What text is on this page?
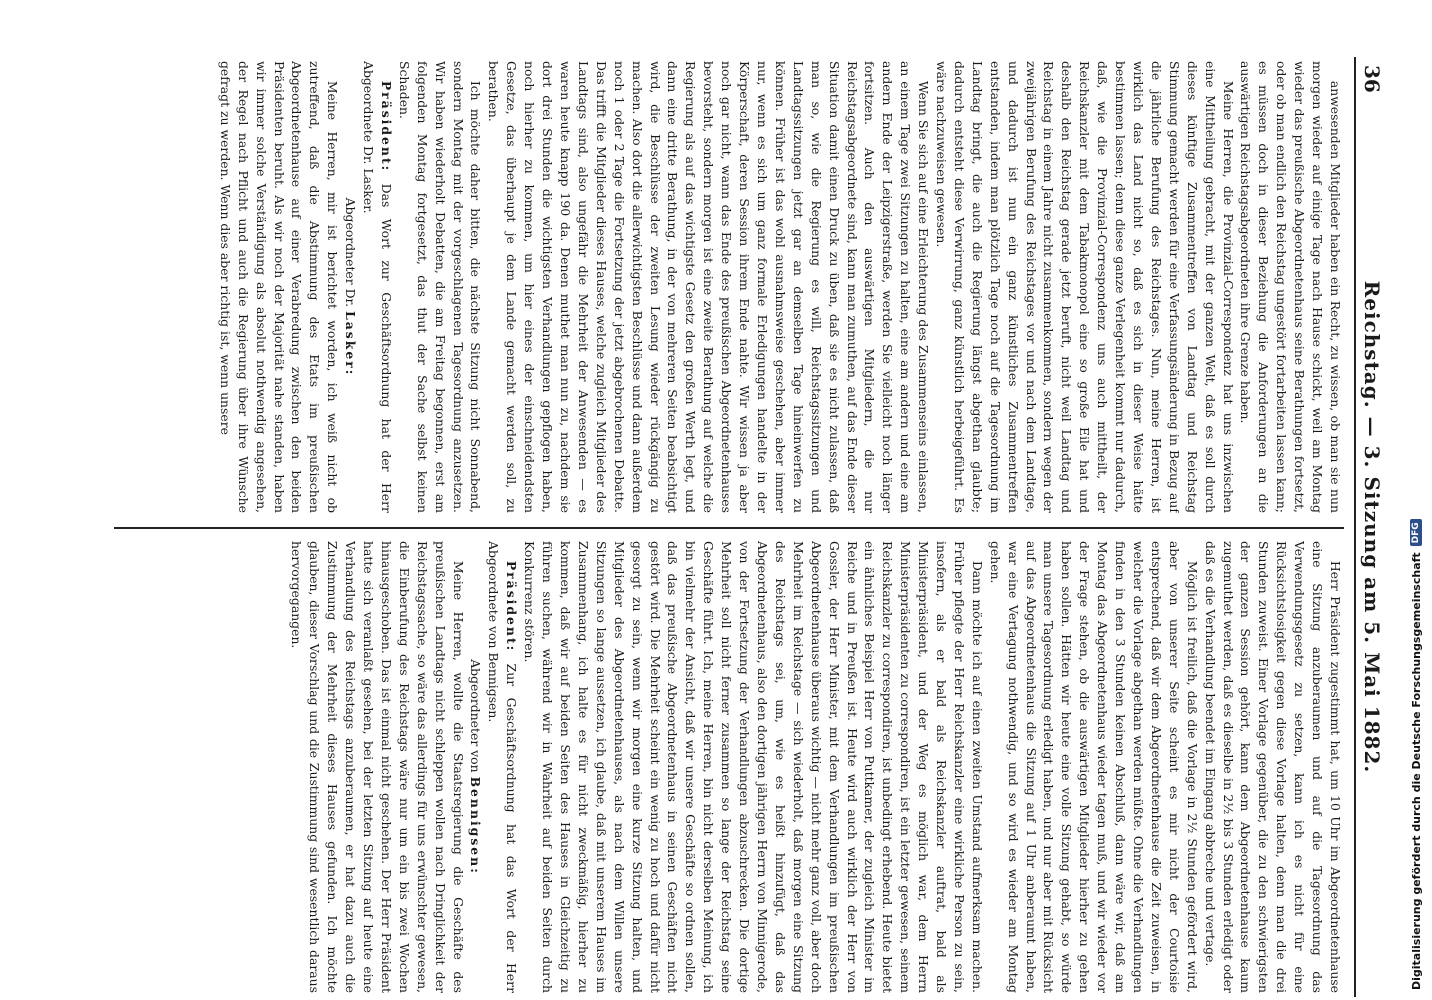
36
Reichstag. — 3. Sitzung am 5. Mai 1882.

anwesenden Mitglieder haben ein Recht, zu wissen, ob man sie nun morgen wieder auf einige Tage nach Hause schickt, weil am Montag wieder das preußische Abgeordnetenhaus seine Berathungen fortsetzt, oder ob man endlich den Reichstag ungestört fortarbeiten lassen kann; es müssen doch in dieser Beziehung die Anforderungen an die auswärtigen Reichstagsabgeordneten ihre Grenze haben.

Meine Herren, die Provinzial-Correspondenz hat uns inzwischen eine Mittheilung gebracht, mit der ganzen Welt, daß es soll durch dieses künftige Zusammentreffen von Landtag und Reichstag Stimmung gemacht werden für eine Verfassungsänderung in Bezug auf die jährliche Berufung des Reichstages. Nun, meine Herren, ist wirklich das Land nicht so, daß es sich in dieser Weise hätte bestimmen lassen; denn diese ganze Verlegenheit kommt nur dadurch, daß, wie die Provinzial-Correspondenz uns auch mittheilt, der Reichskanzler mit dem Tabakmonopol eine so große Eile hat und deshalb den Reichstag gerade jetzt beruft, nicht weil Landtag und Reichstag in einem Jahre nicht zusammenkommen, sondern wegen der zweijährigen Berufung des Reichstages vor und nach dem Landtage, und dadurch ist nun ein ganz künstliches Zusammentreffen entstanden, indem man plötzlich Tage noch auf die Tagesordnung im Landtag bringt, die auch die Regierung längst abgethan glaubte; dadurch entsteht diese Verwirrung, ganz künstlich herbeigeführt. Es wäre nachzuweisen gewesen.

Wenn Sie sich auf eine Erleichterung des Zusammenseins einlassen, an einem Tage zwei Sitzungen zu halten, eine am andern und eine am andern Ende der Leipzigerstraße, werden Sie vielleicht noch länger fortsitzen. Auch den auswärtigen Mitgliedern, die nur Reichstagsabgeordnete sind, kann man zumuthen, auf das Ende dieser Situation damit einen Druck zu üben, daß sie es nicht zulassen, daß man so, wie die Regierung es will, Reichstagssitzungen und Landtagssitzungen jetzt gar an demselben Tage hineinwerfen zu können. Früher ist das wohl ausnahmsweise geschehen, aber immer nur, wenn es sich um ganz formale Erledigungen handelte in der Körperschaft, deren Session ihrem Ende nahte. Wir wissen ja aber noch gar nicht, wann das Ende des preußischen Abgeordnetenhauses bevorsteht, sondern morgen ist eine zweite Berathung auf welche die Regierung als auf das wichtigste Gesetz den großen Werth legt, und dann eine dritte Berathung, in der von mehreren Seiten beabsichtigt wird, die Beschlüsse der zweiten Lesung wieder rückgängig zu machen. Also dort die allerwichtigsten Beschlüsse und dann außerdem noch 1 oder 2 Tage die Fortsetzung der jetzt abgebrochenen Debatte. Das trifft die Mitglieder dieses Hauses, welche zugleich Mitglieder des Landtags sind, also ungefähr die Mehrheit der Anwesenden — es waren heute knapp 190 da. Denen muthet man nun zu, nachdem sie dort drei Stunden die wichtigsten Verhandlungen gepflogen haben, noch hierher zu kommen, um hier eines der einschneidendsten Gesetze, das überhaupt je dem Lande gemacht werden soll, zu berathen.

Ich möchte daher bitten, die nächste Sitzung nicht Sonnabend, sondern Montag mit der vorgeschlagenen Tagesordnung anzusetzen. Wir haben wiederholt Debatten, die am Freitag begonnen, erst am folgenden Montag fortgesetzt, das thut der Sache selbst keinen Schaden.

Präsident: Das Wort zur Geschäftsordnung hat der Herr Abgeordnete Dr. Lasker.

Abgeordneter Dr. Lasker:

Meine Herren, mir ist berichtet worden, ich weiß nicht ob zutreffend, daß die Abstimmung des Etats im preußischen Abgeordnetenhause auf einer Verabredung zwischen den beiden Präsidenten beruht. Als wir noch der Majorität nahe standen, haben wir immer solche Verständigung als absolut nothwendig angesehen, der Regel nach Pflicht und auch die Regierung über ihre Wünsche gefragt zu werden. Wenn dies aber richtig ist, wenn unsere

Herr Präsident zugestimmt hat, um 10 Uhr im Abgeordnetenhause eine Sitzung anzuberaumen und auf die Tagesordnung das Verwendungsgesetz zu setzen, kann ich es nicht für eine Rücksichtslosigkeit gegen diese Vorlage halten, denn man die drei Stunden zuweist. Einer Vorlage gegenüber, die zu den schwierigsten der ganzen Session gehört, kann dem Abgeordnetenhause kaum zugemuthet werden, daß es dieselbe in 2½ bis 3 Stunden erledigt oder daß es die Verhandlung beendet im Eingang abbreche und vertage.

Möglich ist freilich, daß die Vorlage in 2½ Stunden gefördert wird, aber von unserer Seite scheint es mir nicht der Courtoisie entsprechend, daß wir dem Abgeordnetenhause die Zeit zuweisen, in welcher die Vorlage abgethan werden müßte. Ohne die Verhandlungen finden in den 3 Stunden keinen Abschluß, dann wäre wir, daß am Montag das Abgeordnetenhaus wieder tagen muß, und wir wieder vor der Frage stehen, ob die auswärtigen Mitglieder hierher zu gehen haben sollen. Hätten wir heute eine volle Sitzung gehabt, so würde man unsere Tagesordnung erledigt haben, und nur aber mit Rücksicht auf das Abgeordnetenhaus die Sitzung auf 1 Uhr anberaumt haben, war eine Vertagung nothwendig, und so wird es wieder am Montag gehen.

Dann möchte ich auf einen zweiten Umstand aufmerksam machen. Früher pflegte der Herr Reichskanzler eine wirkliche Person zu sein, insofern, als er bald als Reichskanzler auftrat, bald als Ministerpräsident, und der Weg es möglich war, dem Herrn Ministerpräsidenten zu correspondiren, ist ein letzter gewesen, seinem Reichskanzler zu correspondiren, ist unbedingt erhebend. Heute bietet ein ähnliches Beispiel Herr von Puttkamer, der zugleich Minister im Reiche und in Preußen ist. Heute wird auch wirklich der Herr von Gossler, der Herr Minister, mit dem Verhandlungen im preußischen Abgeordnetenhause überaus wichtig — nicht mehr ganz voll, aber doch Mehrheit im Reichstage — sich wiederholt, daß morgen eine Sitzung des Reichstags sei, um, wie es heißt hinzufügt, daß das Abgeordnetenhaus, also den dortigen jährigen Herrn von Minnigerode, von der Fortsetzung der Verhandlungen abzuschrecken. Die dortige Mehrheit soll nicht ferner zusammen so lange der Reichstag seine Geschäfte führt. Ich, meine Herren, bin nicht derselben Meinung, ich bin vielmehr der Ansicht, daß wir unsere Geschäfte so ordnen sollen, daß das preußische Abgeordnetenhaus in seinen Geschäften nicht gestört wird. Die Mehrheit scheint ein wenig zu hoch und dafür nicht gesorgt zu sein, wenn wir morgen eine kurze Sitzung halten, und Mitglieder des Abgeordnetenhauses, als nach dem Willen unsere Sitzungen so lange aussetzen, ich glaube, daß mit unserem Hauses im Zusammenhang, ich halte es für nicht zweckmäßig, hierher zu kommen, daß wir auf beiden Seiten des Hauses in Gleichzeitig zu führen suchen, während wir in Wahrheit auf beiden Seiten durch Konkurrenz stören.

Präsident: Zur Geschäftsordnung hat das Wort der Herr Abgeordnete von Bennigsen.

Abgeordneter von Bennigsen:

Meine Herren, wollte die Staatsregierung die Geschäfte des preußischen Landtags nicht schleppen wollen nach Dringlichkeit der Reichstagssache, so wäre das allerdings für uns erwünschter gewesen, die Einberufung des Reichstags wäre nur um ein bis zwei Wochen hinausgeschoben. Das ist einmal nicht geschehen. Der Herr Präsident hatte sich veranlaßt gesehen, bei der letzten Sitzung auf heute eine Verhandlung des Reichstags anzuberaumen, er hat dazu auch die Zustimmung der Mehrheit dieses Hauses gefunden. Ich möchte glauben, dieser Vorschlag und die Zustimmung sind wesentlich daraus hervorgegangen.	Digitalisierung gefördert durch die Deutsche Forschungsgemeinschaft
DFG
